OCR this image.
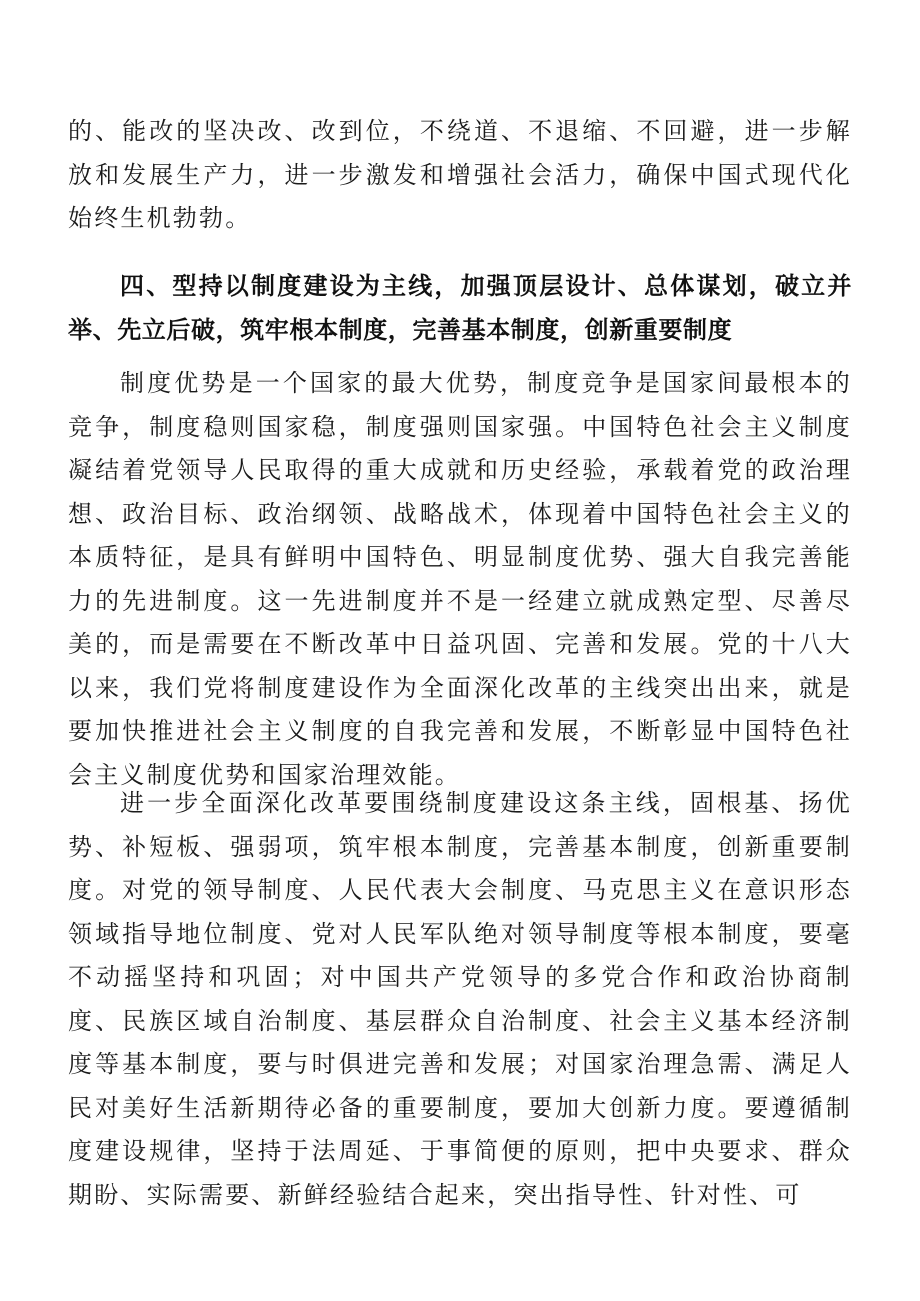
的、能改的坚决改、改到位，不绕道、不退缩、不回避，进一步解放和发展生产力，进一步激发和增强社会活力，确保中国式现代化始终生机勃勃。

四、型持以制度建设为主线，加强顶层设计、总体谋划，破立并举、先立后破，筑牢根本制度，完善基本制度，创新重要制度

制度优势是一个国家的最大优势，制度竞争是国家间最根本的竞争，制度稳则国家稳，制度强则国家强。中国特色社会主义制度凝结着党领导人民取得的重大成就和历史经验，承载着党的政治理想、政治目标、政治纲领、战略战术，体现着中国特色社会主义的本质特征，是具有鲜明中国特色、明显制度优势、强大自我完善能力的先进制度。这一先进制度并不是一经建立就成熟定型、尽善尽美的，而是需要在不断改革中日益巩固、完善和发展。党的十八大以来，我们党将制度建设作为全面深化改革的主线突出出来，就是要加快推进社会主义制度的自我完善和发展，不断彰显中国特色社会主义制度优势和国家治理效能。

进一步全面深化改革要围绕制度建设这条主线，固根基、扬优势、补短板、强弱项，筑牢根本制度，完善基本制度，创新重要制度。对党的领导制度、人民代表大会制度、马克思主义在意识形态领域指导地位制度、党对人民军队绝对领导制度等根本制度，要毫不动摇坚持和巩固；对中国共产党领导的多党合作和政治协商制度、民族区域自治制度、基层群众自治制度、社会主义基本经济制度等基本制度，要与时俱进完善和发展；对国家治理急需、满足人民对美好生活新期待必备的重要制度，要加大创新力度。要遵循制度建设规律，坚持于法周延、于事简便的原则，把中央要求、群众期盼、实际需要、新鲜经验结合起来，突出指导性、针对性、可
